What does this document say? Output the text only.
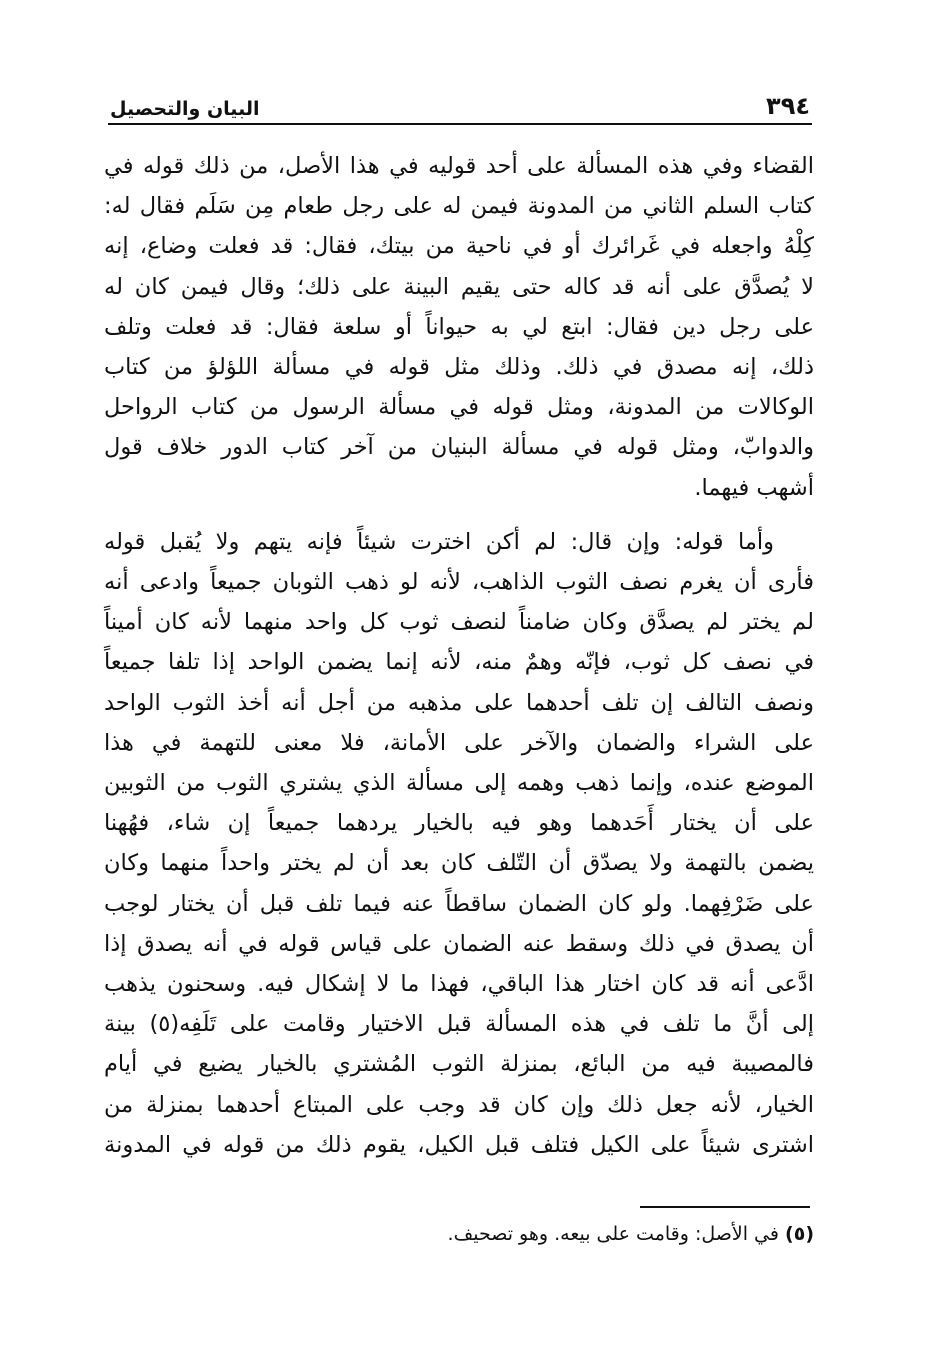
٣٩٤
البيان والتحصيل

القضاء وفي هذه المسألة على أحد قوليه في هذا الأصل، من ذلك قوله في
كتاب السلم الثاني من المدونة فيمن له على رجل طعام مِن سَلَم فقال له:
كِلْهُ واجعله في غَرائرك أو في ناحية من بيتك، فقال: قد فعلت وضاع، إنه
لا يُصدَّق على أنه قد كاله حتى يقيم البينة على ذلك؛ وقال فيمن كان له
على رجل دين فقال: ابتع لي به حيواناً أو سلعة فقال: قد فعلت وتلف
ذلك، إنه مصدق في ذلك. وذلك مثل قوله في مسألة اللؤلؤ من كتاب
الوكالات من المدونة، ومثل قوله في مسألة الرسول من كتاب الرواحل
والدوابّ، ومثل قوله في مسألة البنيان من آخر كتاب الدور خلاف قول
أشهب فيهما.

وأما قوله: وإن قال: لم أكن اخترت شيئاً فإنه يتهم ولا يُقبل قوله
فأرى أن يغرم نصف الثوب الذاهب، لأنه لو ذهب الثوبان جميعاً وادعى أنه
لم يختر لم يصدَّق وكان ضامناً لنصف ثوب كل واحد منهما لأنه كان أميناً
في نصف كل ثوب، فإنّه وهمٌ منه، لأنه إنما يضمن الواحد إذا تلفا جميعاً
ونصف التالف إن تلف أحدهما على مذهبه من أجل أنه أخذ الثوب الواحد
على الشراء والضمان والآخر على الأمانة، فلا معنى للتهمة في هذا
الموضع عنده، وإنما ذهب وهمه إلى مسألة الذي يشتري الثوب من الثوبين
على أن يختار أَحَدهما وهو فيه بالخيار يردهما جميعاً إن شاء، فهُهنا
يضمن بالتهمة ولا يصدّق أن التّلف كان بعد أن لم يختر واحداً منهما وكان
على ضَرْفِهما. ولو كان الضمان ساقطاً عنه فيما تلف قبل أن يختار لوجب
أن يصدق في ذلك وسقط عنه الضمان على قياس قوله في أنه يصدق إذا
ادَّعى أنه قد كان اختار هذا الباقي، فهذا ما لا إشكال فيه. وسحنون يذهب
إلى أنَّ ما تلف في هذه المسألة قبل الاختيار وقامت على تَلَفِه(٥) بينة
فالمصيبة فيه من البائع، بمنزلة الثوب المُشتري بالخيار يضيع في أيام
الخيار، لأنه جعل ذلك وإن كان قد وجب على المبتاع أحدهما بمنزلة من
اشترى شيئاً على الكيل فتلف قبل الكيل، يقوم ذلك من قوله في المدونة

(٥) في الأصل: وقامت على بيعه. وهو تصحيف.
